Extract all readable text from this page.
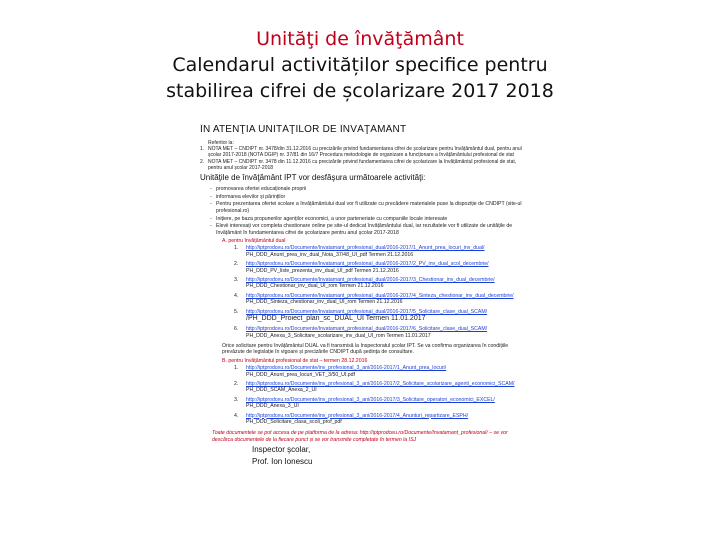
Unităţi de învăţământ
Calendarul activităților specifice pentru
stabilirea cifrei de școlarizare 2017 2018
ÎN ATENŢIA UNITĂŢILOR DE ÎNVĂŢĂMÂNT
Referitor la:
1. NOTA MET – CNDIPT nr. 3478/din 31.12.2016 cu precizările privind fundamentarea cifrei de școlarizare pentru învățământul dual, pentru anul școlar 2017-2018 (NOTA DGIP) nr. 37/81 din 16/7 Procedura metodologie de organizare a funcționare a învățământului profesional de stat
2. NOTA MET – CNDIPT nr. 3478 din 11.12.2016 cu precizările privind fundamentarea cifrei de școlarizare la învățământul profesional de stat, pentru anul școlar 2017-2018
Unităţile de învăţământ IPT vor desfăşura următoarele activităţi:
- promovarea ofertei educaționale proprii
- informarea elevilor și părinților
- Pentru prezentarea ofertei scolare a învățământului dual vor fi utilizate cu precădere materialele puse la dispoziție de CNDIPT (site-ul profesional.ro)
- Inițiere, pe baza propunerilor agenților economici, a unor parteneriate cu companiile locale interesate
- Elevii interesați vor completa chestionare online pe site-ul dedicat învățământului dual, iar rezultatele vor fi utilizate de unitățile de învățământ în fundamentarea cifrei de școlarizare pentru anul școlar 2017-2018
A. pentru învățământul dual
1.	http://iptprodceu.ro/Documente/Invatamant_profesional_dual/2016-2017/1_Anunt_prea_locuri_inv_dual/
PH_DDD_Anunt_prea_inv_dual_Nota_37/48_UI_pdf Termen 21.12.2016
2.	http://iptprodceu.ro/Documente/Invatamant_profesional_dual/2016-2017/2_PV_inv_dual_scol_decembrie/
PH_DDD_PV_liste_prezenta_inv_dual_UI_pdf Termen 21.12.2016
3.	http://iptprodceu.ro/Documente/Invatamant_profesional_dual/2016-2017/3_Chestionar_inv_dual_decembrie/
PH_DDD_Chestionar_inv_dual_UI_rom Termen 21.12.2016
4.	http://iptprodceu.ro/Documente/Invatamant_profesional_dual/2016-2017/4_Sinteza_chestionar_inv_dual_decembrie/
PH_DDD_Sinteza_chestionar_inv_dual_UI_rom Termen 21.12.2016
5.	http://iptprodceu.ro/Documente/Invatamant_profesional_dual/2016-2017/5_Solicitare_clase_dual_SCAM/
/PH_DDD_Proiect_plan_sc_DUAL_UI Termen 11.01.2017
6.	http://iptprodceu.ro/Documente/Invatamant_profesional_dual/2016-2017/6_Solicitare_clase_dual_SCAM/
PH_DDD_Anexa_3_Solicitare_scolarizare_inv_dual_UI_rom Termen 11.01.2017
Orice solicitare pentru învățământul DUAL va fi transmisă la Inspectoratul școlar IPT. Se va confirma organizarea în condițiile prevăzute de legislație în vigoare și precizările CNDIPT după ședința de consultare.
B. pentru învățământul profesional de stat – termen 28.12.2016
1.	http://iptprodceu.ro/Documente/inv_profesional_3_ani/2016-2017/1_Anunt_prea_locuri/
PH_DDD_Anunt_prea_locuri_VET_3/50_UI.pdf
2.	http://iptprodceu.ro/Documente/inv_profesional_3_ani/2016-2017/2_Solicitare_scolarizare_agenti_economici_SCAM/
PH_DDD_SCAM_Anexa_2_UI
3.	http://iptprodceu.ro/Documente/inv_profesional_3_ani/2016-2017/3_Solicitare_operatori_economici_EXCEL/
PH_DDD_Anexa_3_UI
4.	http://iptprodceu.ro/Documente/inv_profesional_3_ani/2016-2017/4_Anunturi_repartizare_ESPH/
PH_DDD_Solicitare_clasa_scoli_prof_pdf
Toate documentele se pot accesa de pe platforma de la adresa: http://iptprodceu.ro/Documente/Invatamant_profesional/ – se vor descărca documentele de la fiecare punct și se vor transmite completate în termen la ISJ
Inspector şcolar,
Prof. Ion Ionescu
